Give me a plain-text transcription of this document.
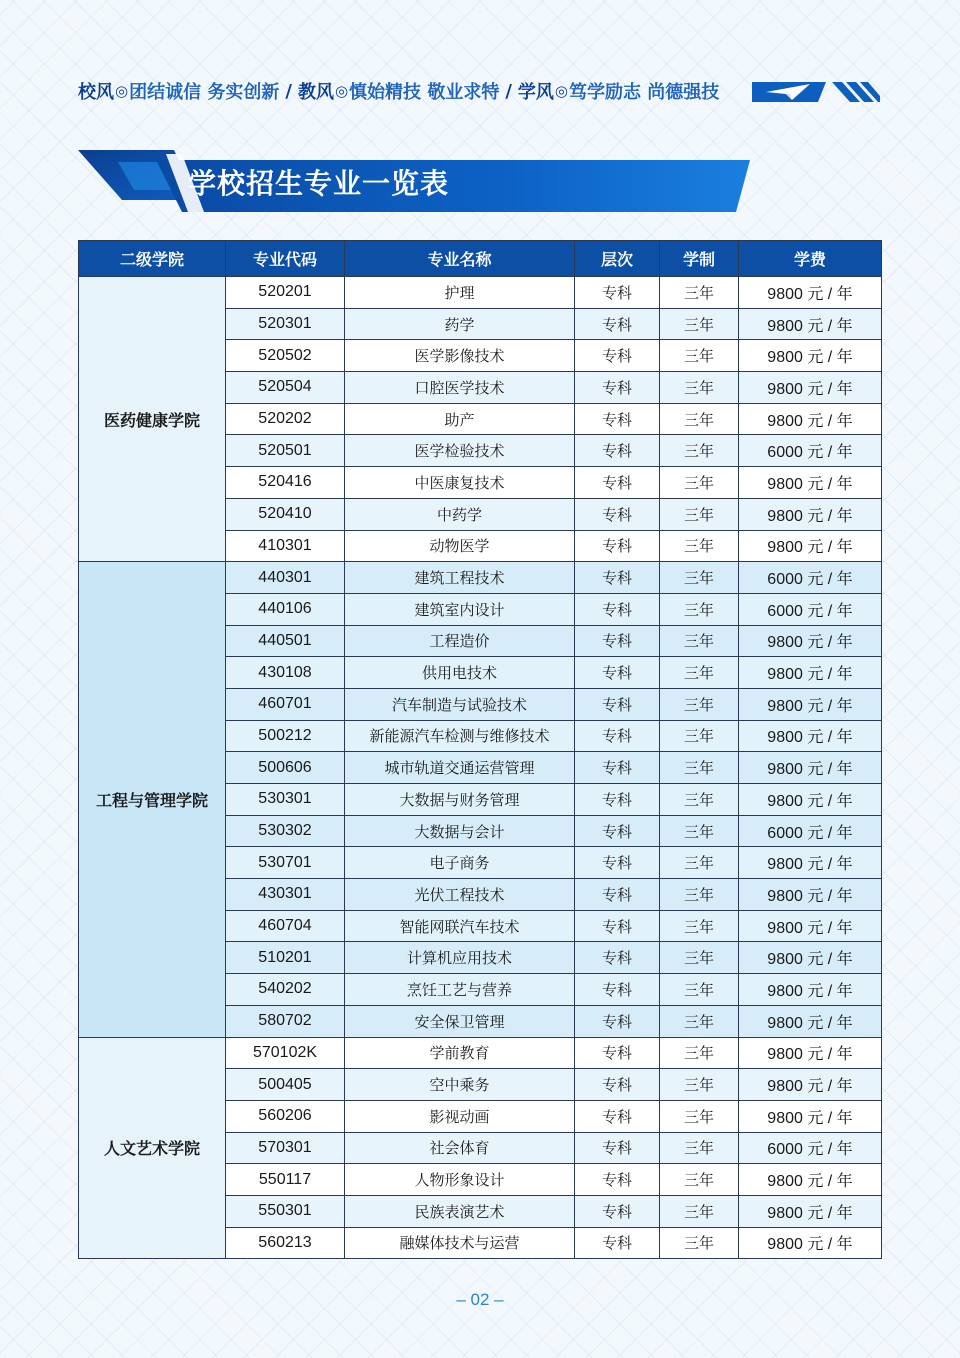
校风 ◎ 团结诚信 务实创新 / 教风 ◎ 慎始精技 敬业求特 / 学风 ◎ 笃学励志 尚德强技
学校招生专业一览表
二级学院	专业代码	专业名称	层次	学制	学费
医药健康学院	520201	护理	专科	三年	9800 元 / 年
	520301	药学	专科	三年	9800 元 / 年
	520502	医学影像技术	专科	三年	9800 元 / 年
	520504	口腔医学技术	专科	三年	9800 元 / 年
	520202	助产	专科	三年	9800 元 / 年
	520501	医学检验技术	专科	三年	6000 元 / 年
	520416	中医康复技术	专科	三年	9800 元 / 年
	520410	中药学	专科	三年	9800 元 / 年
	410301	动物医学	专科	三年	9800 元 / 年
工程与管理学院	440301	建筑工程技术	专科	三年	6000 元 / 年
	440106	建筑室内设计	专科	三年	6000 元 / 年
	440501	工程造价	专科	三年	9800 元 / 年
	430108	供用电技术	专科	三年	9800 元 / 年
	460701	汽车制造与试验技术	专科	三年	9800 元 / 年
	500212	新能源汽车检测与维修技术	专科	三年	9800 元 / 年
	500606	城市轨道交通运营管理	专科	三年	9800 元 / 年
	530301	大数据与财务管理	专科	三年	9800 元 / 年
	530302	大数据与会计	专科	三年	6000 元 / 年
	530701	电子商务	专科	三年	9800 元 / 年
	430301	光伏工程技术	专科	三年	9800 元 / 年
	460704	智能网联汽车技术	专科	三年	9800 元 / 年
	510201	计算机应用技术	专科	三年	9800 元 / 年
	540202	烹饪工艺与营养	专科	三年	9800 元 / 年
	580702	安全保卫管理	专科	三年	9800 元 / 年
人文艺术学院	570102K	学前教育	专科	三年	9800 元 / 年
	500405	空中乘务	专科	三年	9800 元 / 年
	560206	影视动画	专科	三年	9800 元 / 年
	570301	社会体育	专科	三年	6000 元 / 年
	550117	人物形象设计	专科	三年	9800 元 / 年
	550301	民族表演艺术	专科	三年	9800 元 / 年
	560213	融媒体技术与运营	专科	三年	9800 元 / 年
– 02 –
